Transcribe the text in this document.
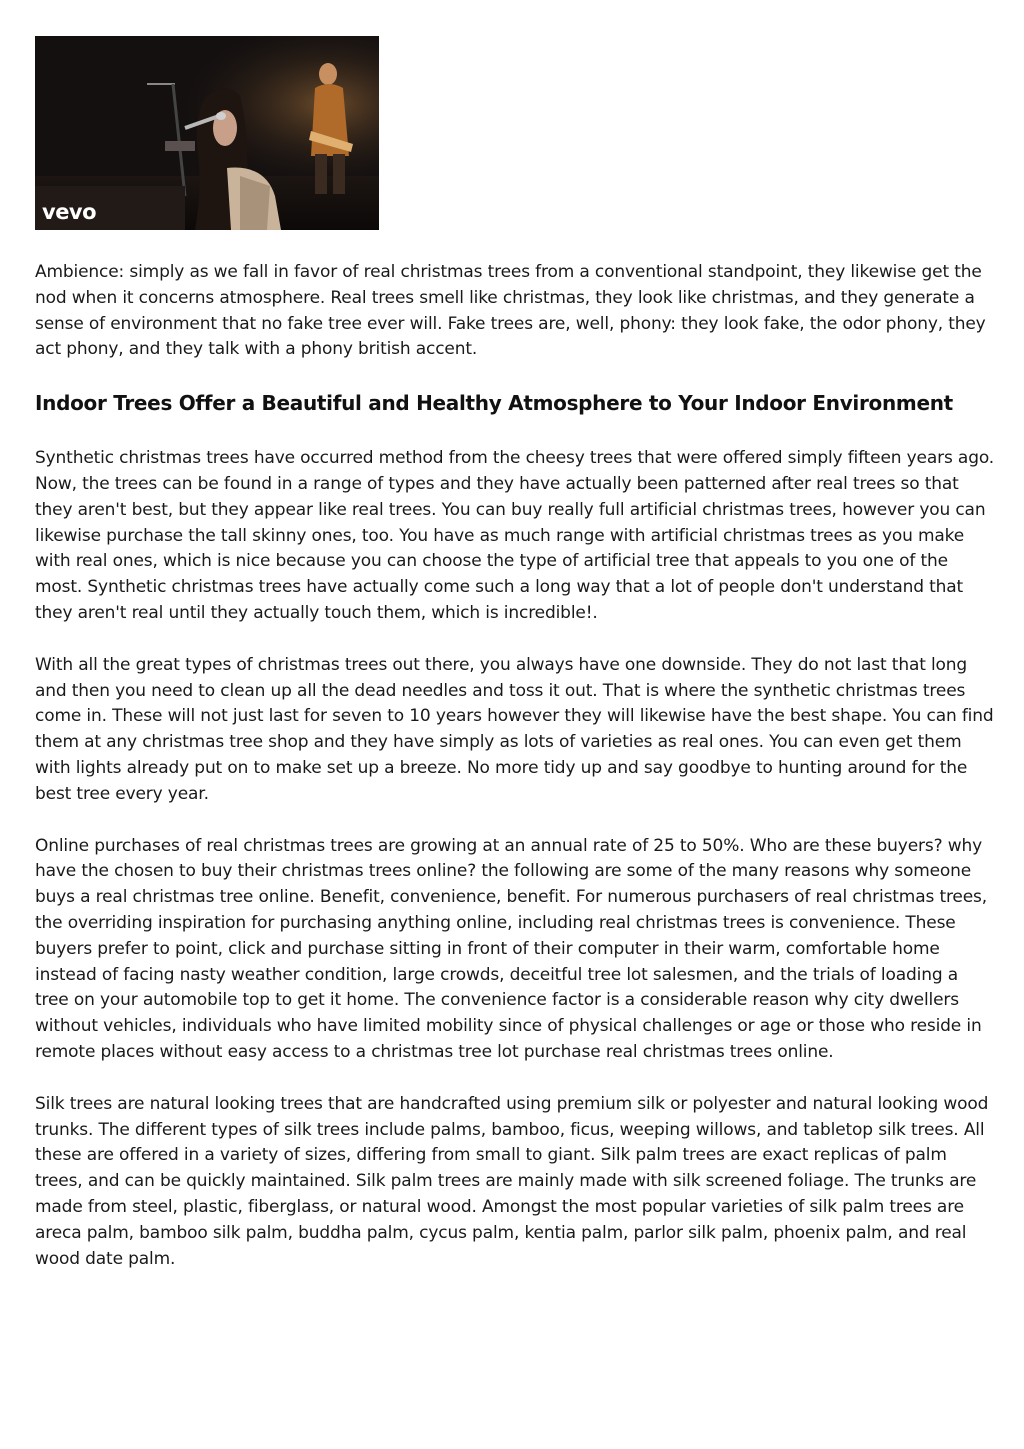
vevo

Ambience: simply as we fall in favor of real christmas trees from a conventional standpoint, they likewise get the nod when it concerns atmosphere. Real trees smell like christmas, they look like christmas, and they generate a sense of environment that no fake tree ever will. Fake trees are, well, phony: they look fake, the odor phony, they act phony, and they talk with a phony british accent.

Indoor Trees Offer a Beautiful and Healthy Atmosphere to Your Indoor Environment

Synthetic christmas trees have occurred method from the cheesy trees that were offered simply fifteen years ago. Now, the trees can be found in a range of types and they have actually been patterned after real trees so that they aren't best, but they appear like real trees. You can buy really full artificial christmas trees, however you can likewise purchase the tall skinny ones, too. You have as much range with artificial christmas trees as you make with real ones, which is nice because you can choose the type of artificial tree that appeals to you one of the most. Synthetic christmas trees have actually come such a long way that a lot of people don't understand that they aren't real until they actually touch them, which is incredible!.

With all the great types of christmas trees out there, you always have one downside. They do not last that long and then you need to clean up all the dead needles and toss it out. That is where the synthetic christmas trees come in. These will not just last for seven to 10 years however they will likewise have the best shape. You can find them at any christmas tree shop and they have simply as lots of varieties as real ones. You can even get them with lights already put on to make set up a breeze. No more tidy up and say goodbye to hunting around for the best tree every year.

Online purchases of real christmas trees are growing at an annual rate of 25 to 50%. Who are these buyers? why have the chosen to buy their christmas trees online? the following are some of the many reasons why someone buys a real christmas tree online. Benefit, convenience, benefit. For numerous purchasers of real christmas trees, the overriding inspiration for purchasing anything online, including real christmas trees is convenience. These buyers prefer to point, click and purchase sitting in front of their computer in their warm, comfortable home instead of facing nasty weather condition, large crowds, deceitful tree lot salesmen, and the trials of loading a tree on your automobile top to get it home. The convenience factor is a considerable reason why city dwellers without vehicles, individuals who have limited mobility since of physical challenges or age or those who reside in remote places without easy access to a christmas tree lot purchase real christmas trees online.

Silk trees are natural looking trees that are handcrafted using premium silk or polyester and natural looking wood trunks. The different types of silk trees include palms, bamboo, ficus, weeping willows, and tabletop silk trees. All these are offered in a variety of sizes, differing from small to giant. Silk palm trees are exact replicas of palm trees, and can be quickly maintained. Silk palm trees are mainly made with silk screened foliage. The trunks are made from steel, plastic, fiberglass, or natural wood. Amongst the most popular varieties of silk palm trees are areca palm, bamboo silk palm, buddha palm, cycus palm, kentia palm, parlor silk palm, phoenix palm, and real wood date palm.
